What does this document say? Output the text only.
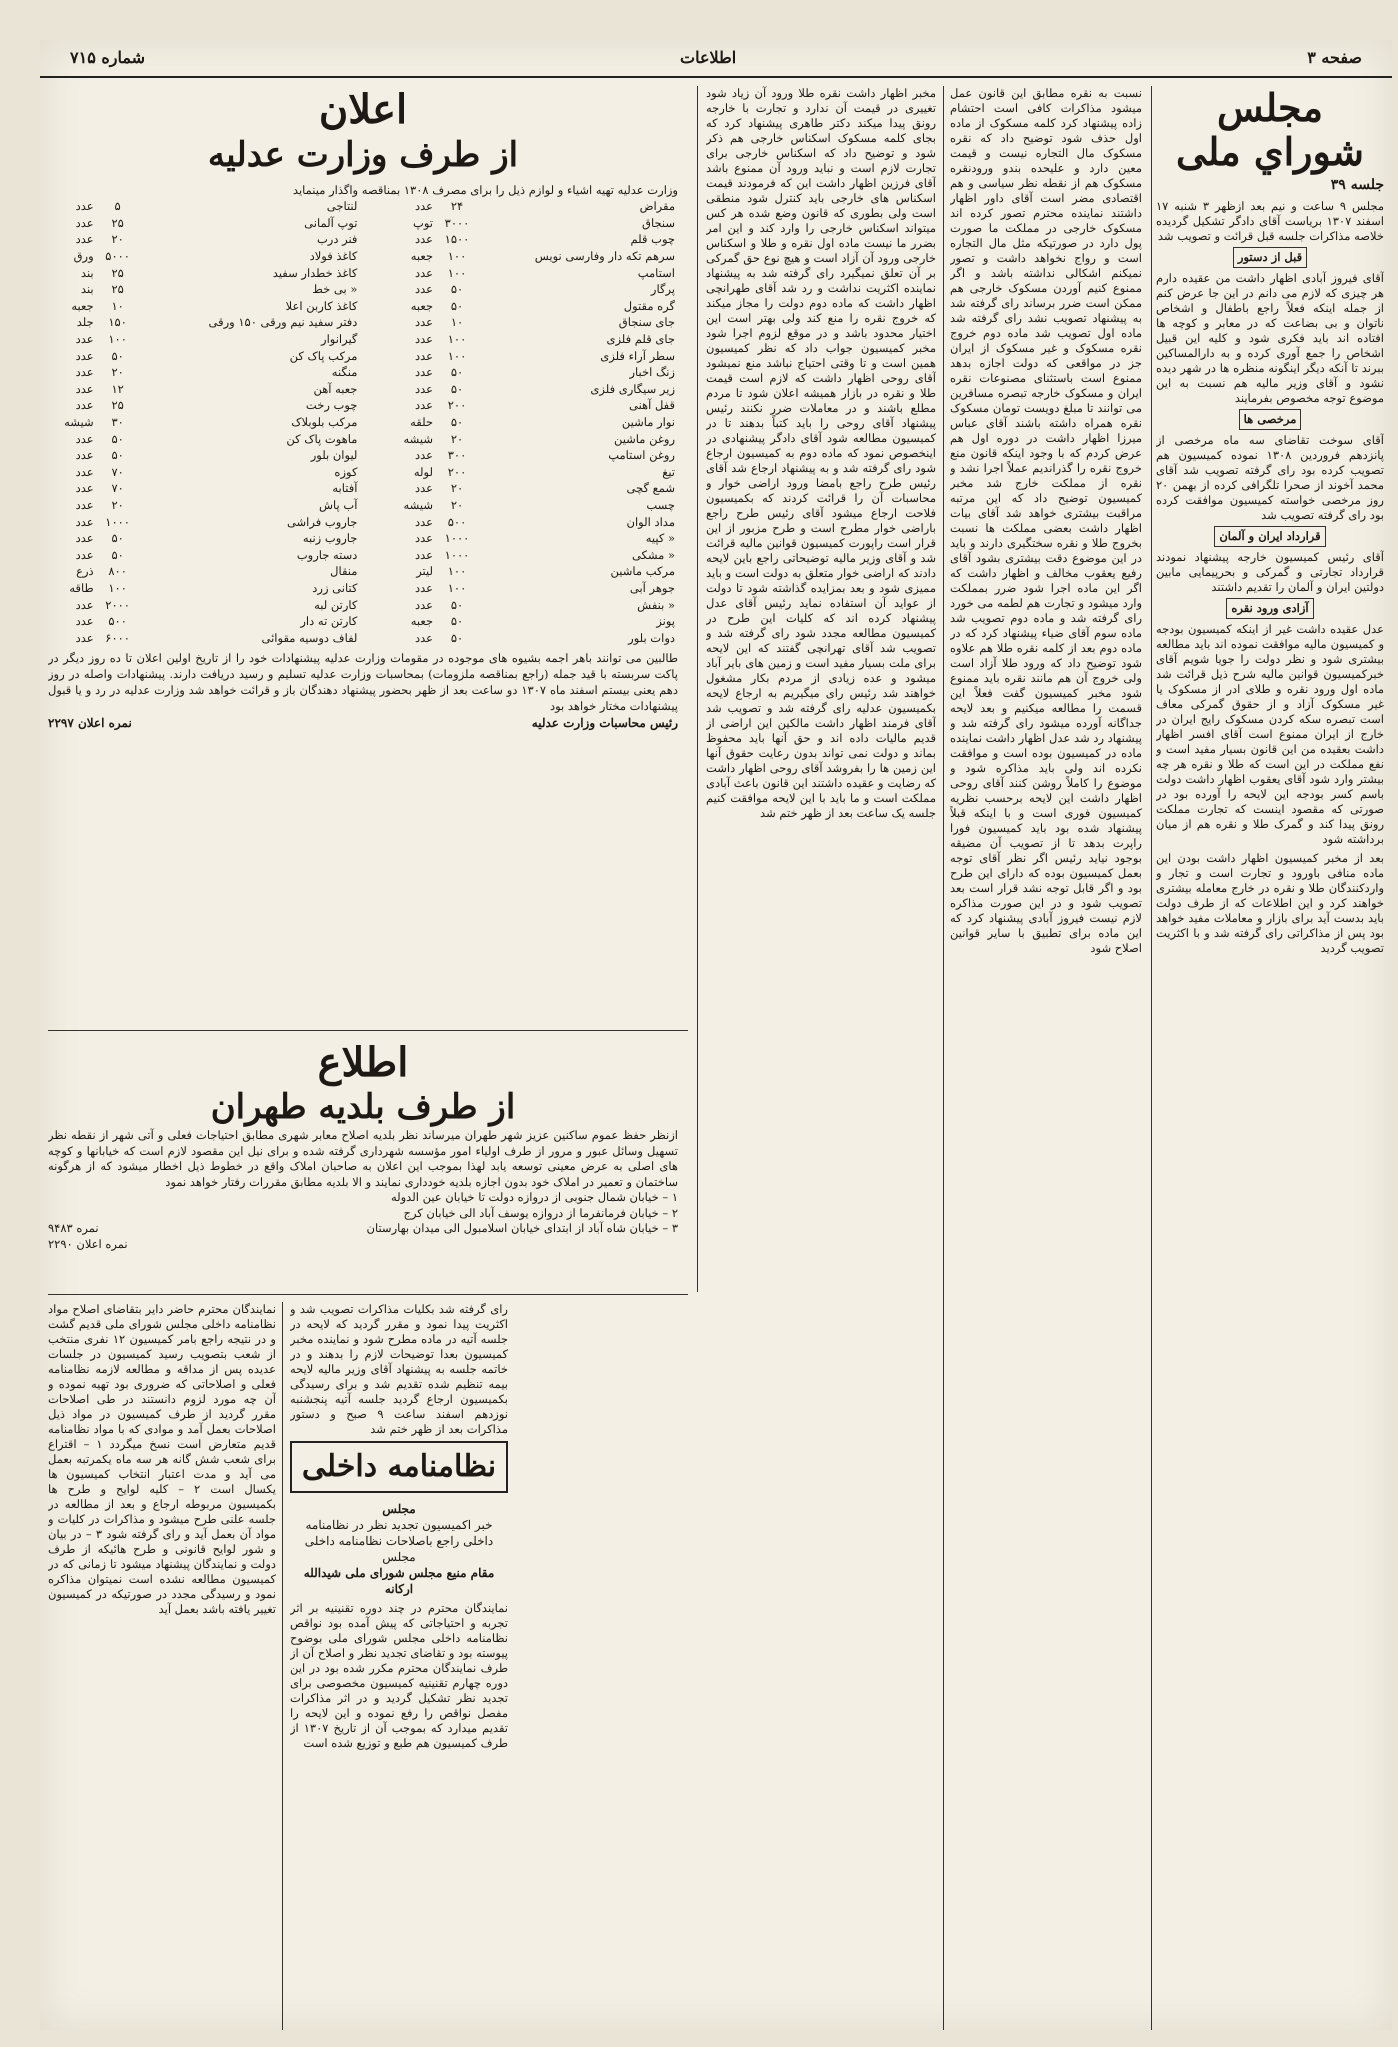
صفحه ۳
اطلاعات
شماره ۷۱۵
مجلس شوراي ملی
جلسه ۳۹
مجلس ۹ ساعت و نیم بعد ازظهر ۳ شنبه ۱۷ اسفند ۱۳۰۷ بریاست آقای دادگر تشکیل گردیده خلاصه مذاکرات جلسه قبل قرائت و تصویب شد
قبل از دستور
آقای فیروز آبادی اظهار داشت من عقیده دارم هر چیزی که لازم می دانم در این جا عرض کنم از جمله اینکه فعلاً راجع باطفال و اشخاص ناتوان و بی بضاعت که در معابر و کوچه ها افتاده اند باید فکری شود و کلیه این قبیل اشخاص را جمع آوری کرده و به دارالمساکین ببرند تا آنکه دیگر اینگونه منظره ها در شهر دیده نشود و آقای وزیر مالیه هم نسبت به این موضوع توجه مخصوص بفرمایند
مرخصی ها
آقای سوخت تقاضای سه ماه مرخصی از پانزدهم فروردین ۱۳۰۸ نموده کمیسیون هم تصویب کرده بود رای گرفته تصویب شد آقای محمد آخوند از صحرا تلگرافی کرده از بهمن ۲۰ روز مرخصی خواسته کمیسیون موافقت کرده بود رای گرفته تصویب شد
قرارداد ایران و آلمان
آقای رئیس کمیسیون خارجه پیشنهاد نمودند قرارداد تجارتی و گمرکی و بحرپیمایی مابین دولتین ایران و آلمان را تقدیم داشتند
آزادی ورود نقره
عدل عقیده داشت غیر از اینکه کمیسیون بودجه و کمیسیون مالیه موافقت نموده اند باید مطالعه بیشتری شود و نظر دولت را جویا شویم آقای خبرکمیسیون قوانین مالیه شرح ذیل قرائت شد ماده اول ورود نقره و طلای ادر از مسکوک یا غیر مسکوک آزاد و از حقوق گمرکی معاف است تبصره سکه کردن مسکوک رایج ایران در خارج از ایران ممنوع است آقای افسر اظهار داشت بعقیده من این قانون بسیار مفید است و نفع مملکت در این است که طلا و نقره هر چه بیشتر وارد شود آقای یعقوب اظهار داشت دولت باسم کسر بودجه این لایحه را آورده بود در صورتی که مقصود اینست که تجارت مملکت رونق پیدا کند و گمرک طلا و نقره هم از میان برداشته شود
بعد از مخبر کمیسیون اظهار داشت بودن این ماده منافی باورود و تجارت است و تجار و واردکنندگان طلا و نقره در خارج معامله بیشتری خواهند کرد و این اطلاعات که از طرف دولت باید بدست آید برای بازار و معاملات مفید خواهد بود پس از مذاکراتی رای گرفته شد و با اکثریت تصویب گردید
نسبت به نقره مطابق این قانون عمل میشود مذاکرات کافی است احتشام زاده پیشنهاد کرد کلمه مسکوک از ماده اول حذف شود توضیح داد که نقره مسکوک مال التجاره نیست و قیمت معین دارد و علیحده بندو ورودنقره مسکوک هم از نقطه نظر سیاسی و هم اقتصادی مضر است آقای داور اظهار داشتند نماینده محترم تصور کرده اند مسکوک خارجی در مملکت ما صورت پول دارد در صورتیکه مثل مال التجاره است و رواج نخواهد داشت و تصور نمیکنم اشکالی نداشته باشد و اگر ممنوع کنیم آوردن مسکوک خارجی هم ممکن است ضرر برساند رای گرفته شد به پیشنهاد تصویب نشد رای گرفته شد ماده اول تصویب شد ماده دوم خروج نقره مسکوک و غیر مسکوک از ایران جز در مواقعی که دولت اجازه بدهد ممنوع است باستثنای مصنوعات نقره ایران و مسکوک خارجه تبصره مسافرین می توانند تا مبلغ دویست تومان مسکوک نقره همراه داشته باشند آقای عباس میرزا اظهار داشت در دوره اول هم عرض کردم که با وجود اینکه قانون منع خروج نقره را گذراندیم عملاً اجرا نشد و نقره از مملکت خارج شد مخبر کمیسیون توضیح داد که این مرتبه مراقبت بیشتری خواهد شد آقای بیات اظهار داشت بعضی مملکت ها نسبت بخروج طلا و نقره سختگیری دارند و باید در این موضوع دقت بیشتری بشود آقای رفیع یعقوب مخالف و اظهار داشت که اگر این ماده اجرا شود ضرر بمملکت وارد میشود و تجارت هم لطمه می خورد رای گرفته شد و ماده دوم تصویب شد ماده سوم آقای ضیاء پیشنهاد کرد که در ماده دوم بعد از کلمه نقره طلا هم علاوه شود توضیح داد که ورود طلا آزاد است ولی خروج آن هم مانند نقره باید ممنوع شود مخبر کمیسیون گفت فعلاً این قسمت را مطالعه میکنیم و بعد لایحه جداگانه آورده میشود رای گرفته شد و پیشنهاد رد شد عدل اظهار داشت نماینده ماده در کمیسیون بوده است و موافقت نکرده اند ولی باید مذاکره شود و موضوع را کاملاً روشن کنند آقای روحی اظهار داشت این لایحه برحسب نظریه کمیسیون فوری است و با اینکه قبلاً پیشنهاد شده بود باید کمیسیون فورا راپرت بدهد تا از تصویب آن مضیقه بوجود نیاید رئیس اگر نظر آقای توجه بعمل کمیسیون بوده که دارای این طرح بود و اگر قابل توجه نشد قرار است بعد تصویب شود و در این صورت مذاکره لازم نیست فیروز آبادی پیشنهاد کرد که این ماده برای تطبیق با سایر قوانین اصلاح شود
مخبر اظهار داشت نقره طلا ورود آن زیاد شود تغییری در قیمت آن ندارد و تجارت با خارجه رونق پیدا میکند دکتر طاهری پیشنهاد کرد که بجای کلمه مسکوک اسکناس خارجی هم ذکر شود و توضیح داد که اسکناس خارجی برای تجارت لازم است و نباید ورود آن ممنوع باشد آقای فرزین اظهار داشت این که فرمودند قیمت اسکناس های خارجی باید کنترل شود منطقی است ولی بطوری که قانون وضع شده هر کس میتواند اسکناس خارجی را وارد کند و این امر بضرر ما نیست ماده اول نقره و طلا و اسکناس خارجی ورود آن آزاد است و هیچ نوع حق گمرکی بر آن تعلق نمیگیرد رای گرفته شد به پیشنهاد نماینده اکثریت نداشت و رد شد آقای طهرانچی اظهار داشت که ماده دوم دولت را مجاز میکند که خروج نقره را منع کند ولی بهتر است این اختیار محدود باشد و در موقع لزوم اجرا شود مخبر کمیسیون جواب داد که نظر کمیسیون همین است و تا وقتی احتیاج نباشد منع نمیشود آقای روحی اظهار داشت که لازم است قیمت طلا و نقره در بازار همیشه اعلان شود تا مردم مطلع باشند و در معاملات ضرر نکنند رئیس پیشنهاد آقای روحی را باید کتباً بدهند تا در کمیسیون مطالعه شود آقای دادگر پیشنهادی در اینخصوص نمود که ماده دوم به کمیسیون ارجاع شود رای گرفته شد و به پیشنهاد ارجاع شد آقای رئیس طرح راجع بامضا ورود اراضی خوار و محاسبات آن را قرائت کردند که بکمیسیون فلاحت ارجاع میشود آقای رئیس طرح راجع باراضی خوار مطرح است و طرح مزبور از این قرار است راپورت کمیسیون قوانین مالیه قرائت شد و آقای وزیر مالیه توضیحاتی راجع باین لایحه دادند که اراضی خوار متعلق به دولت است و باید ممیزی شود و بعد بمزایده گذاشته شود تا دولت از عواید آن استفاده نماید رئیس آقای عدل پیشنهاد کرده اند که کلیات این طرح در کمیسیون مطالعه مجدد شود رای گرفته شد و تصویب شد آقای تهرانچی گفتند که این لایحه برای ملت بسیار مفید است و زمین های بایر آباد میشود و عده زیادی از مردم بکار مشغول خواهند شد رئیس رای میگیریم به ارجاع لایحه بکمیسیون عدلیه رای گرفته شد و تصویب شد آقای فرمند اظهار داشت مالکین این اراضی از قدیم مالیات داده اند و حق آنها باید محفوظ بماند و دولت نمی تواند بدون رعایت حقوق آنها این زمین ها را بفروشد آقای روحی اظهار داشت که رضایت و عقیده داشتند این قانون باعث آبادی مملکت است و ما باید با این لایحه موافقت کنیم جلسه یک ساعت بعد از ظهر ختم شد
اعلان
از طرف وزارت عدلیه
وزارت عدلیه تهیه اشیاء و لوازم ذیل را برای مصرف ۱۳۰۸ بمناقصه واگذار مینماید
مقراض	۲۴	عدد	لنتاجی	۵	عدد
سنجاق	۳۰۰۰	توپ	توپ آلمانی	۲۵	عدد
چوب قلم	۱۵۰۰	عدد	فنر درب	۲۰	عدد
سرهم تکه دار وفارسی نویس	۱۰۰	جعبه	کاغذ فولاد	۵۰۰۰	ورق
استامپ	۱۰۰	عدد	کاغذ خطدار سفید	۲۵	بند
پرگار	۵۰	عدد	« بی خط	۲۵	بند
گره مقتول	۵۰	جعبه	کاغذ کاربن اعلا	۱۰	جعبه
جای سنجاق	۱۰	عدد	دفتر سفید نیم ورقی ۱۵۰ ورقی	۱۵۰	جلد
جای قلم فلزی	۱۰۰	عدد	گیرانوار	۱۰۰	عدد
سطر آراء فلزی	۱۰۰	عدد	مرکب پاک کن	۵۰	عدد
زنگ اخبار	۵۰	عدد	منگنه	۲۰	عدد
زیر سیگاری فلزی	۵۰	عدد	جعبه آهن	۱۲	عدد
قفل آهنی	۲۰۰	عدد	چوب رخت	۲۵	عدد
نوار ماشین	۵۰	حلقه	مرکب بلوبلاک	۳۰	شیشه
روغن ماشین	۲۰	شیشه	ماهوت پاک کن	۵۰	عدد
روغن استامپ	۳۰۰	عدد	لیوان بلور	۵۰	عدد
تیغ	۲۰۰	لوله	کوزه	۷۰	عدد
شمع گچی	۲۰	عدد	آفتابه	۷۰	عدد
چسب	۲۰	شیشه	آب پاش	۲۰	عدد
مداد الوان	۵۰۰	عدد	جاروب فراشی	۱۰۰۰	عدد
« کپیه	۱۰۰۰	عدد	جاروب زنبه	۵۰	عدد
« مشکی	۱۰۰۰	عدد	دسته جاروب	۵۰	عدد
مرکب ماشین	۱۰۰	لیتر	منقال	۸۰۰	ذرع
جوهر آبی	۱۰۰	عدد	کتانی زرد	۱۰۰	طاقه
« بنفش	۵۰	عدد	کارتن لبه	۲۰۰۰	عدد
پونز	۵۰	جعبه	کارتن ته دار	۵۰۰	عدد
دوات بلور	۵۰	عدد	لفاف دوسیه مقوائی	۶۰۰۰	عدد
طالبین می توانند باهر اجمه بشیوه های موجوده در مقومات وزارت عدلیه پیشنهادات خود را از تاریخ اولین اعلان تا ده روز دیگر در پاکت سربسته با قید جمله (راجع بمناقصه ملزومات) بمحاسبات وزارت عدلیه تسلیم و رسید دریافت دارند. پیشنهادات واصله در روز دهم یعنی بیستم اسفند ماه ۱۳۰۷ دو ساعت بعد از ظهر بحضور پیشنهاد دهندگان باز و قرائت خواهد شد وزارت عدلیه در رد و یا قبول پیشنهادات مختار خواهد بود
رئیس محاسبات وزارت عدلیه
نمره اعلان ۲۲۹۷
اطلاع
از طرف بلدیه طهران
ازنظر حفظ عموم ساکنین عزیز شهر طهران میرساند نظر بلدیه اصلاح معابر شهری مطابق احتیاجات فعلی و آتی شهر از نقطه نظر تسهیل وسائل عبور و مرور از طرف اولیاء امور مؤسسه شهرداری گرفته شده و برای نیل این مقصود لازم است که خیابانها و کوچه های اصلی به عرض معینی توسعه یابد لهذا بموجب این اعلان به صاحبان املاک واقع در خطوط ذیل اخطار میشود که از هرگونه ساختمان و تعمیر در املاک خود بدون اجازه بلدیه خودداری نمایند و الا بلدیه مطابق مقررات رفتار خواهد نمود
۱ – خیابان شمال جنوبی از دروازه دولت تا خیابان عین الدوله
۲ – خیابان فرمانفرما از دروازه یوسف آباد الی خیابان کرج
۳ – خیابان شاه آباد از ابتدای خیابان اسلامبول الی میدان بهارستان
نمره ۹۴۸۳
نمره اعلان ۲۲۹۰
رای گرفته شد بکلیات مذاکرات تصویب شد و اکثریت پیدا نمود و مقرر گردید که لایحه در جلسه آتیه در ماده مطرح شود و نماینده مخبر کمیسیون بعدا توضیحات لازم را بدهند و در خاتمه جلسه به پیشنهاد آقای وزیر مالیه لایحه بیمه تنظیم شده تقدیم شد و برای رسیدگی بکمیسیون ارجاع گردید جلسه آتیه پنجشنبه نوزدهم اسفند ساعت ۹ صبح و دستور مذاکرات بعد از ظهر ختم شد
نظامنامه داخلی
مجلس
خبر اکمیسیون تجدید نظر در نظامنامه داخلی راجع باصلاحات نظامنامه داخلی مجلس
مقام منیع مجلس شورای ملی شیدالله ارکانه
نمایندگان محترم در چند دوره تقنینیه بر اثر تجربه و احتیاجاتی که پیش آمده بود نواقص نظامنامه داخلی مجلس شورای ملی بوضوح پیوسته بود و تقاضای تجدید نظر و اصلاح آن از طرف نمایندگان محترم مکرر شده بود در این دوره چهارم تقنینیه کمیسیون مخصوصی برای تجدید نظر تشکیل گردید و در اثر مذاکرات مفصل نواقص را رفع نموده و این لایحه را تقدیم میدارد که بموجب آن از تاریخ ۱۳۰۷ از طرف کمیسیون هم طبع و توزیع شده است
نمایندگان محترم حاضر دایر بتقاضای اصلاح مواد نظامنامه داخلی مجلس شورای ملی قدیم گشت و در نتیجه راجع بامر کمیسیون ۱۲ نفری منتخب از شعب بتصویب رسید کمیسیون در جلسات عدیده پس از مداقه و مطالعه لازمه نظامنامه فعلی و اصلاحاتی که ضروری بود تهیه نموده و آن چه مورد لزوم دانستند در طی اصلاحات مقرر گردید از طرف کمیسیون در مواد ذیل اصلاحات بعمل آمد و موادی که با مواد نظامنامه قدیم متعارض است نسخ میگردد ۱ – اقتراع برای شعب شش گانه هر سه ماه یکمرتبه بعمل می آید و مدت اعتبار انتخاب کمیسیون ها یکسال است ۲ – کلیه لوایح و طرح ها بکمیسیون مربوطه ارجاع و بعد از مطالعه در جلسه علنی طرح میشود و مذاکرات در کلیات و مواد آن بعمل آید و رای گرفته شود ۳ – در بیان و شور لوایح قانونی و طرح هائیکه از طرف دولت و نمایندگان پیشنهاد میشود تا زمانی که در کمیسیون مطالعه نشده است نمیتوان مذاکره نمود و رسیدگی مجدد در صورتیکه در کمیسیون تغییر یافته باشد بعمل آید
